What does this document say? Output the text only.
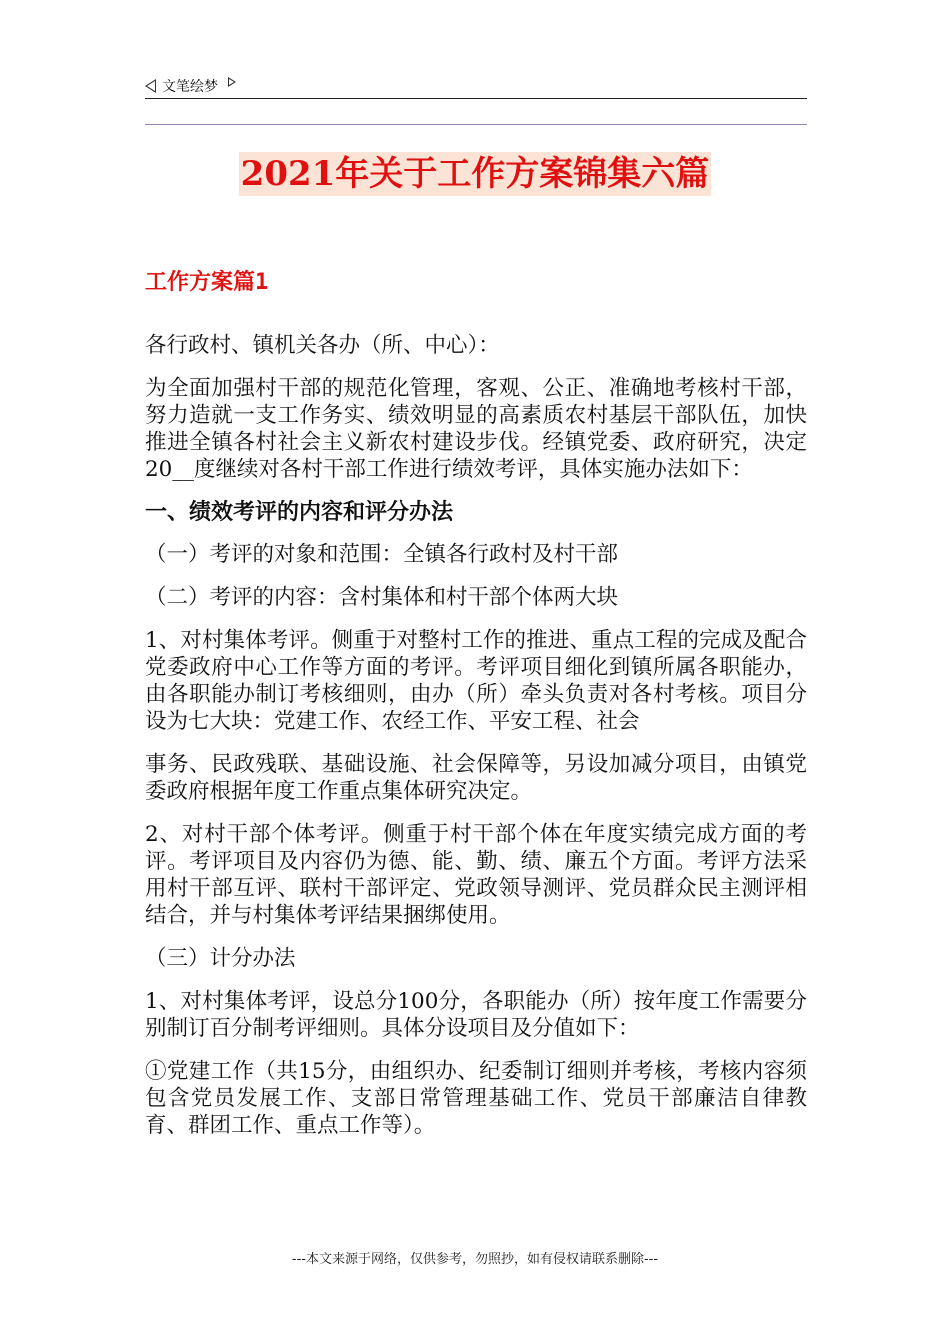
文笔绘梦
2021年关于工作方案锦集六篇
工作方案篇1
各行政村、镇机关各办（所、中心）：
为全面加强村干部的规范化管理，客观、公正、准确地考核村干部，努力造就一支工作务实、绩效明显的高素质农村基层干部队伍，加快推进全镇各村社会主义新农村建设步伐。经镇党委、政府研究，决定20__度继续对各村干部工作进行绩效考评，具体实施办法如下：
一、绩效考评的内容和评分办法
（一）考评的对象和范围：全镇各行政村及村干部
（二）考评的内容：含村集体和村干部个体两大块
1、对村集体考评。侧重于对整村工作的推进、重点工程的完成及配合党委政府中心工作等方面的考评。考评项目细化到镇所属各职能办，由各职能办制订考核细则，由办（所）牵头负责对各村考核。项目分设为七大块：党建工作、农经工作、平安工程、社会
事务、民政残联、基础设施、社会保障等，另设加减分项目，由镇党委政府根据年度工作重点集体研究决定。
2、对村干部个体考评。侧重于村干部个体在年度实绩完成方面的考评。考评项目及内容仍为德、能、勤、绩、廉五个方面。考评方法采用村干部互评、联村干部评定、党政领导测评、党员群众民主测评相结合，并与村集体考评结果捆绑使用。
（三）计分办法
1、对村集体考评，设总分100分，各职能办（所）按年度工作需要分别制订百分制考评细则。具体分设项目及分值如下：
①党建工作（共15分，由组织办、纪委制订细则并考核，考核内容须包含党员发展工作、支部日常管理基础工作、党员干部廉洁自律教育、群团工作、重点工作等）。
---本文来源于网络，仅供参考，勿照抄，如有侵权请联系删除---
